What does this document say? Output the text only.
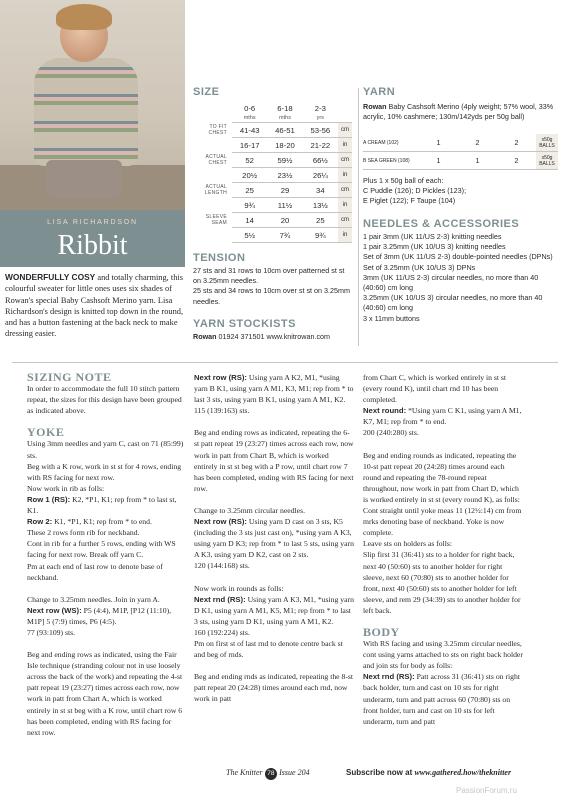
LISA RICHARDSON
Ribbit
WONDERFULLY COSY and totally charming, this colourful sweater for little ones uses six shades of Rowan's special Baby Cashsoft Merino yarn. Lisa Richardson's design is knitted top down in the round, and has a button fastening at the back neck to make dressing easier.
SIZE
	0-6	6-18	2-3	
	mths	mths	yrs	
TO FIT CHEST	41-43	46-51	53-56	cm
	16-17	18-20	21-22	in
ACTUAL CHEST	52	59½	66½	cm
	20½	23½	26¼	in
ACTUAL LENGTH	25	29	34	cm
	9¾	11½	13½	in
SLEEVE SEAM	14	20	25	cm
	5½	7¾	9¾	in
TENSION
27 sts and 31 rows to 10cm over patterned st st on 3.25mm needles.
25 sts and 34 rows to 10cm over st st on 3.25mm needles.
YARN STOCKISTS
Rowan 01924 371501 www.knitrowan.com
YARN
Rowan Baby Cashsoft Merino (4ply weight; 57% wool, 33% acrylic, 10% cashmere; 130m/142yds per 50g ball)
A CREAM (102)	1	2	2	x50g BALLS
B SEA GREEN (108)	1	1	2	x50g BALLS
Plus 1 x 50g ball of each:
C Puddle (126); D Pickles (123);
E Piglet (122); F Taupe (104)
NEEDLES & ACCESSORIES
1 pair 3mm (UK 11/US 2-3) knitting needles
1 pair 3.25mm (UK 10/US 3) knitting needles
Set of 3mm (UK 11/US 2-3) double-pointed needles (DPNs)
Set of 3.25mm (UK 10/US 3) DPNs
3mm (UK 11/US 2-3) circular needles, no more than 40 (40:60) cm long
3.25mm (UK 10/US 3) circular needles, no more than 40 (40:60) cm long
3 x 11mm buttons
SIZING NOTE

In order to accommodate the full 10 stitch pattern repeat, the sizes for this design have been grouped as indicated above.

YOKE
Using 3mm needles and yarn C, cast on 71 (85:99) sts.
Beg with a K row, work in st st for 4 rows, ending with RS facing for next row.
Now work in rib as folls:
Row 1 (RS): K2, *P1, K1; rep from * to last st, K1.
Row 2: K1, *P1, K1; rep from * to end.
These 2 rows form rib for neckband.
Cont in rib for a further 5 rows, ending with WS facing for next row. Break off yarn C.

Pm at each end of last row to denote base of neckband.

Change to 3.25mm needles. Join in yarn A.
Next row (WS): P5 (4:4), M1P, [P12 (11:10), M1P] 5 (7:9) times, P6 (4:5).

77 (93:109) sts.

Beg and ending rows as indicated, using the Fair Isle technique (stranding colour not in use loosely across the back of the work) and repeating the 4-st patt repeat 19 (23:27) times across each row, now work in patt from Chart A, which is worked entirely in st st beg with a K row, until chart row 6 has been completed, ending with RS facing for next row.
Next row (RS): Using yarn A K2, M1, *using yarn B K1, using yarn A M1, K3, M1; rep from * to last 3 sts, using yarn B K1, using yarn A M1, K2.

115 (139:163) sts.

Beg and ending rows as indicated, repeating the 6-st patt repeat 19 (23:27) times across each row, now work in patt from Chart B, which is worked entirely in st st beg with a P row, until chart row 7 has been completed, ending with RS facing for next row.

Change to 3.25mm circular needles.
Next row (RS): Using yarn D cast on 3 sts, K5 (including the 3 sts just cast on), *using yarn A K3, using yarn D K3; rep from * to last 5 sts, using yarn A K3, using yarn D K2, cast on 2 sts.

120 (144:168) sts.

Now work in rounds as folls:
Next rnd (RS): Using yarn A K3, M1, *using yarn D K1, using yarn A M1, K5, M1; rep from * to last 3 sts, using yarn D K1, using yarn A M1, K2.
160 (192:224) sts.

Pm on first st of last rnd to denote centre back st and beg of rnds.

Beg and ending rnds as indicated, repeating the 8-st patt repeat 20 (24:28) times around each rnd, now work in patt
from Chart C, which is worked entirely in st st (every round K), until chart rnd 10 has been completed.
Next round: *Using yarn C K1, using yarn A M1, K7, M1; rep from * to end.

200 (240:280) sts.

Beg and ending rounds as indicated, repeating the 10-st patt repeat 20 (24:28) times around each round and repeating the 78-round repeat throughout, now work in patt from Chart D, which is worked entirely in st st (every round K), as folls: Cont straight until yoke meas 11 (12½:14) cm from mrks denoting base of neckband. Yoke is now complete.
Leave sts on holders as folls:

Slip first 31 (36:41) sts to a holder for right back, next 40 (50:60) sts to another holder for right sleeve, next 60 (70:80) sts to another holder for front, next 40 (50:60) sts to another holder for left sleeve, and rem 29 (34:39) sts to another holder for left back.

BODY
With RS facing and using 3.25mm circular needles, cont using yarns attached to sts on right back holder and join sts for body as folls:
Next rnd (RS): Patt across 31 (36:41) sts on right back holder, turn and cast on 10 sts for right underarm, turn and patt across 60 (70:80) sts on front holder, turn and cast on 10 sts for left underarm, turn and patt
The Knitter 78 Issue 204	Subscribe now at www.gathered.how/theknitter
PassionForum.ru
